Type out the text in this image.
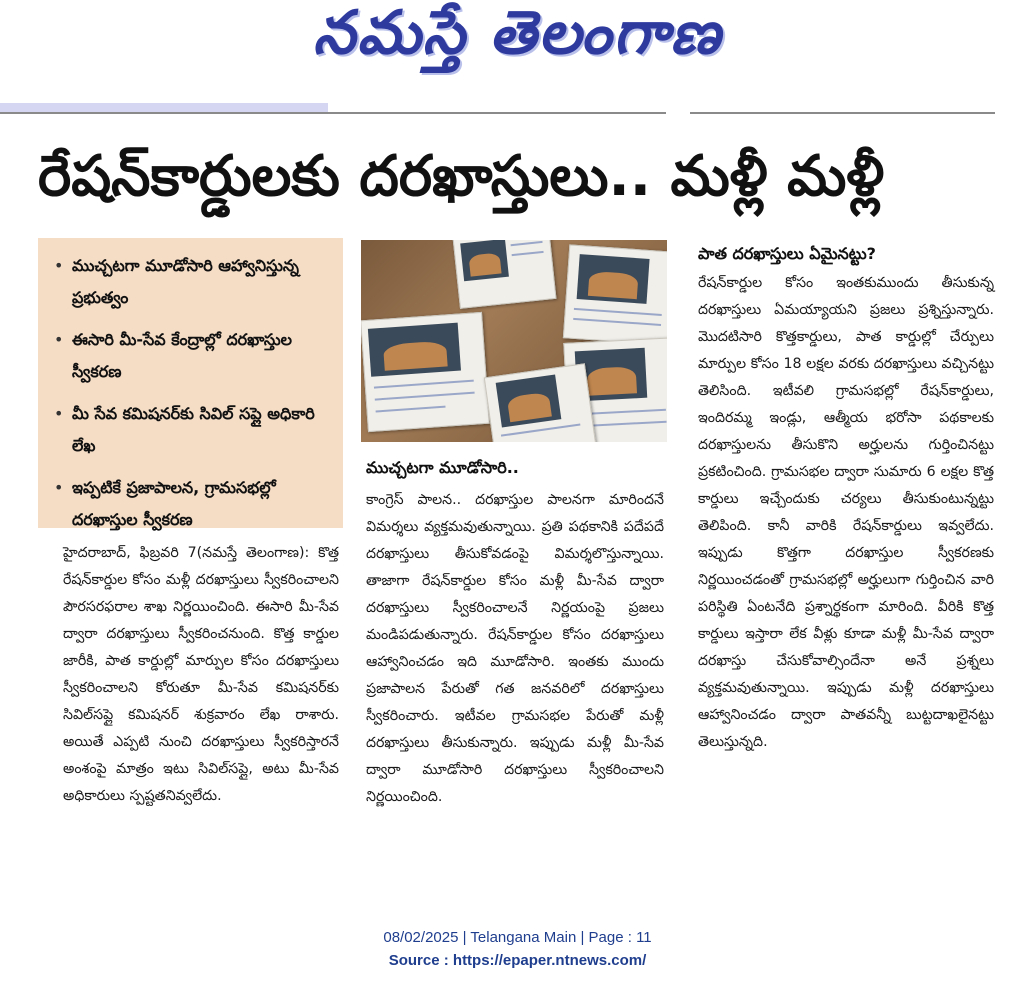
నమస్తే తెలంగాణ
రేషన్‌కార్డులకు దరఖాస్తులు.. మళ్లీ మళ్లీ
• ముచ్చటగా మూడోసారి ఆహ్వానిస్తున్న ప్రభుత్వం
• ఈసారి మీ-సేవ కేంద్రాల్లో దరఖాస్తుల స్వీకరణ
• మీ సేవ కమిషనర్‌కు సివిల్ సప్లై అధికారి లేఖ
• ఇప్పటికే ప్రజాపాలన, గ్రామసభల్లో దరఖాస్తుల స్వీకరణ
హైదరాబాద్, ఫిబ్రవరి 7(నమస్తే తెలంగాణ): కొత్త రేషన్‌కార్డుల కోసం మళ్లీ దరఖాస్తులు స్వీకరించాలని పౌరసరఫరాల శాఖ నిర్ణయించింది. ఈసారి మీ-సేవ ద్వారా దరఖాస్తులు స్వీకరించనుంది. కొత్త కార్డుల జారీకి, పాత కార్డుల్లో మార్పుల కోసం దరఖాస్తులు స్వీకరించాలని కోరుతూ మీ-సేవ కమిషనర్‌కు సివిల్‌సప్లై కమిషనర్ శుక్రవారం లేఖ రాశారు. అయితే ఎప్పటి నుంచి దరఖాస్తులు స్వీకరిస్తారనే అంశంపై మాత్రం ఇటు సివిల్‌సప్లై, అటు మీ-సేవ అధికారులు స్పష్టతనివ్వలేదు.
ముచ్చటగా మూడోసారి..
కాంగ్రెస్ పాలన.. దరఖాస్తుల పాలనగా మారిందనే విమర్శలు వ్యక్తమవుతున్నాయి. ప్రతి పథకానికి పదేపదే దరఖాస్తులు తీసుకోవడంపై విమర్శలొస్తున్నాయి. తాజాగా రేషన్‌కార్డుల కోసం మళ్లీ మీ-సేవ ద్వారా దరఖాస్తులు స్వీకరించాలనే నిర్ణయంపై ప్రజలు మండిపడుతున్నారు. రేషన్‌కార్డుల కోసం దరఖాస్తులు ఆహ్వానించడం ఇది మూడోసారి. ఇంతకు ముందు ప్రజాపాలన పేరుతో గత జనవరిలో దరఖాస్తులు స్వీకరించారు. ఇటీవల గ్రామసభల పేరుతో మళ్లీ దరఖాస్తులు తీసుకున్నారు. ఇప్పుడు మళ్లీ మీ-సేవ ద్వారా మూడోసారి దరఖాస్తులు స్వీకరించాలని నిర్ణయించింది.
పాత దరఖాస్తులు ఏమైనట్టు?
రేషన్‌కార్డుల కోసం ఇంతకుముందు తీసుకున్న దరఖాస్తులు ఏమయ్యాయని ప్రజలు ప్రశ్నిస్తున్నారు. మొదటిసారి కొత్తకార్డులు, పాత కార్డుల్లో చేర్పులు మార్పుల కోసం 18 లక్షల వరకు దరఖాస్తులు వచ్చినట్టు తెలిసింది. ఇటీవలి గ్రామసభల్లో రేషన్‌కార్డులు, ఇందిరమ్మ ఇండ్లు, ఆత్మీయ భరోసా పథకాలకు దరఖాస్తులను తీసుకొని అర్హులను గుర్తించినట్టు ప్రకటించింది. గ్రామసభల ద్వారా సుమారు 6 లక్షల కొత్త కార్డులు ఇచ్చేందుకు చర్యలు తీసుకుంటున్నట్టు తెలిపింది. కానీ వారికి రేషన్‌కార్డులు ఇవ్వలేదు. ఇప్పుడు కొత్తగా దరఖాస్తుల స్వీకరణకు నిర్ణయించడంతో గ్రామసభల్లో అర్హులుగా గుర్తించిన వారి పరిస్థితి ఏంటనేది ప్రశ్నార్థకంగా మారింది. వీరికి కొత్త కార్డులు ఇస్తారా లేక వీళ్లు కూడా మళ్లీ మీ-సేవ ద్వారా దరఖాస్తు చేసుకోవాల్సిందేనా అనే ప్రశ్నలు వ్యక్తమవుతున్నాయి. ఇప్పుడు మళ్లీ దరఖాస్తులు ఆహ్వానించడం ద్వారా పాతవన్నీ బుట్టదాఖలైనట్టు తెలుస్తున్నది.
08/02/2025 | Telangana Main | Page : 11
Source : https://epaper.ntnews.com/
